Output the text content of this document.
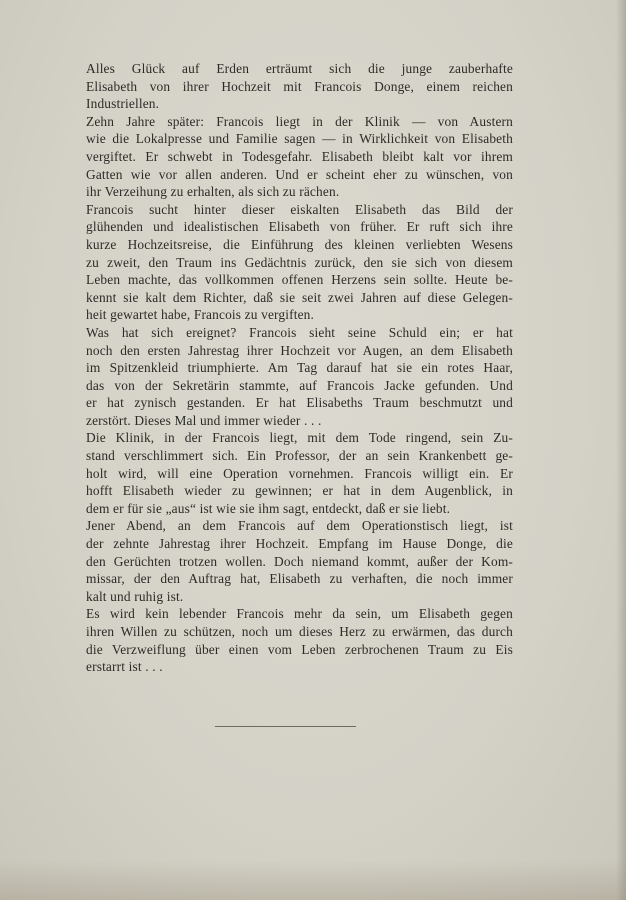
Alles Glück auf Erden erträumt sich die junge zauberhafte
Elisabeth von ihrer Hochzeit mit Francois Donge, einem reichen
Industriellen.
Zehn Jahre später: Francois liegt in der Klinik — von Austern
wie die Lokalpresse und Familie sagen — in Wirklichkeit von Elisabeth
vergiftet. Er schwebt in Todesgefahr. Elisabeth bleibt kalt vor ihrem
Gatten wie vor allen anderen. Und er scheint eher zu wünschen, von
ihr Verzeihung zu erhalten, als sich zu rächen.
Francois sucht hinter dieser eiskalten Elisabeth das Bild der
glühenden und idealistischen Elisabeth von früher. Er ruft sich ihre
kurze Hochzeitsreise, die Einführung des kleinen verliebten Wesens
zu zweit, den Traum ins Gedächtnis zurück, den sie sich von diesem
Leben machte, das vollkommen offenen Herzens sein sollte. Heute be-
kennt sie kalt dem Richter, daß sie seit zwei Jahren auf diese Gelegen-
heit gewartet habe, Francois zu vergiften.
Was hat sich ereignet? Francois sieht seine Schuld ein; er hat
noch den ersten Jahrestag ihrer Hochzeit vor Augen, an dem Elisabeth
im Spitzenkleid triumphierte. Am Tag darauf hat sie ein rotes Haar,
das von der Sekretärin stammte, auf Francois Jacke gefunden. Und
er hat zynisch gestanden. Er hat Elisabeths Traum beschmutzt und
zerstört. Dieses Mal und immer wieder . . .
Die Klinik, in der Francois liegt, mit dem Tode ringend, sein Zu-
stand verschlimmert sich. Ein Professor, der an sein Krankenbett ge-
holt wird, will eine Operation vornehmen. Francois willigt ein. Er
hofft Elisabeth wieder zu gewinnen; er hat in dem Augenblick, in
dem er für sie „aus“ ist wie sie ihm sagt, entdeckt, daß er sie liebt.
Jener Abend, an dem Francois auf dem Operationstisch liegt, ist
der zehnte Jahrestag ihrer Hochzeit. Empfang im Hause Donge, die
den Gerüchten trotzen wollen. Doch niemand kommt, außer der Kom-
missar, der den Auftrag hat, Elisabeth zu verhaften, die noch immer
kalt und ruhig ist.
Es wird kein lebender Francois mehr da sein, um Elisabeth gegen
ihren Willen zu schützen, noch um dieses Herz zu erwärmen, das durch
die Verzweiflung über einen vom Leben zerbrochenen Traum zu Eis
erstarrt ist . . .
